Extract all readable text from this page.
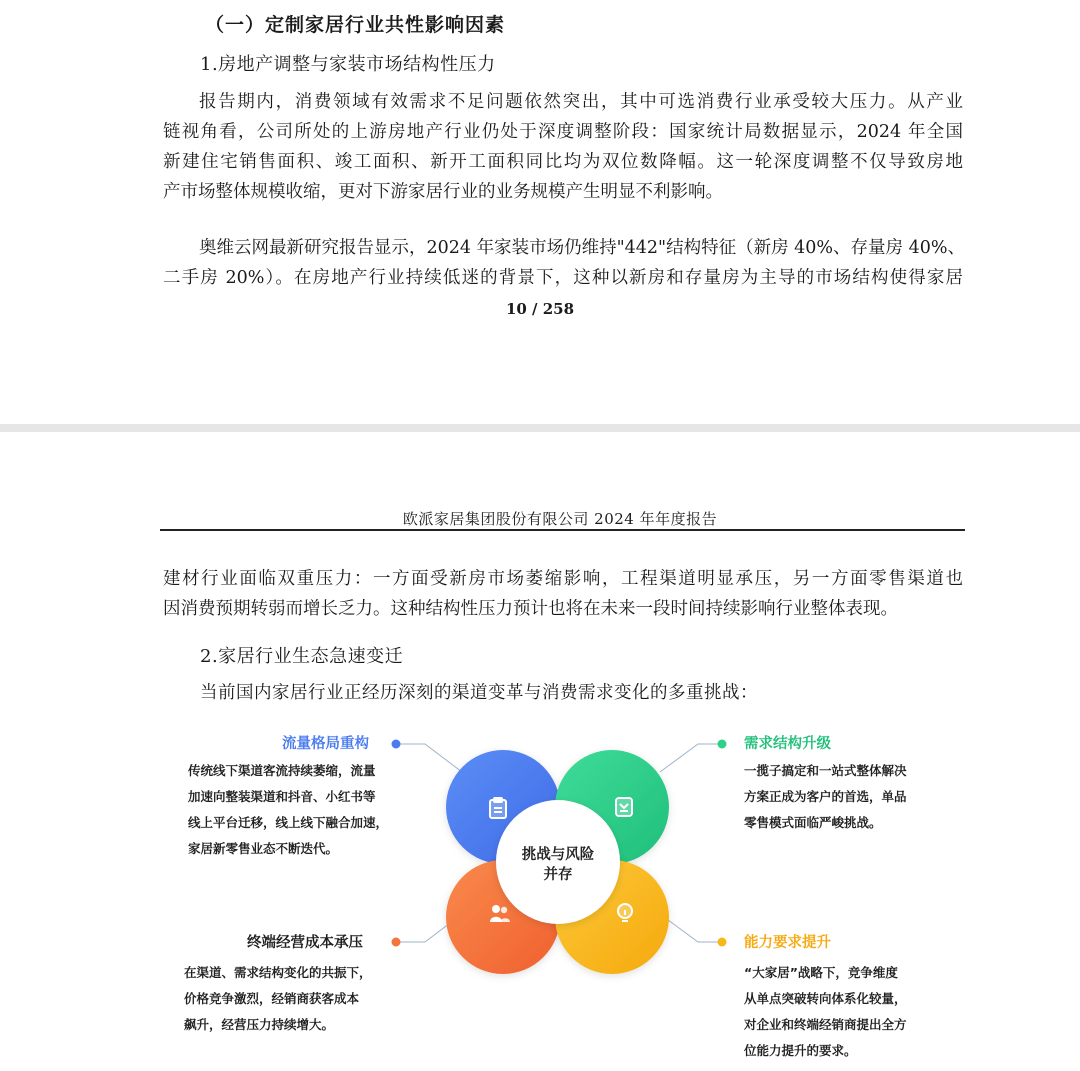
（一）定制家居行业共性影响因素
1.房地产调整与家装市场结构性压力
报告期内，消费领域有效需求不足问题依然突出，其中可选消费行业承受较大压力。从产业
链视角看，公司所处的上游房地产行业仍处于深度调整阶段：国家统计局数据显示，2024 年全国
新建住宅销售面积、竣工面积、新开工面积同比均为双位数降幅。这一轮深度调整不仅导致房地
产市场整体规模收缩，更对下游家居行业的业务规模产生明显不利影响。
奥维云网最新研究报告显示，2024 年家装市场仍维持"442"结构特征（新房 40%、存量房 40%、
二手房 20%）。在房地产行业持续低迷的背景下，这种以新房和存量房为主导的市场结构使得家居
10 / 258
欧派家居集团股份有限公司 2024 年年度报告
建材行业面临双重压力：一方面受新房市场萎缩影响，工程渠道明显承压，另一方面零售渠道也
因消费预期转弱而增长乏力。这种结构性压力预计也将在未来一段时间持续影响行业整体表现。
2.家居行业生态急速变迁
当前国内家居行业正经历深刻的渠道变革与消费需求变化的多重挑战：
挑战与风险
并存
流量格局重构
传统线下渠道客流持续萎缩，流量
加速向整装渠道和抖音、小红书等
线上平台迁移，线上线下融合加速，
家居新零售业态不断迭代。
需求结构升级
一揽子搞定和一站式整体解决
方案正成为客户的首选，单品
零售模式面临严峻挑战。
终端经营成本承压
在渠道、需求结构变化的共振下，
价格竞争激烈，经销商获客成本
飙升，经营压力持续增大。
能力要求提升
“大家居”战略下，竞争维度
从单点突破转向体系化较量，
对企业和终端经销商提出全方
位能力提升的要求。
